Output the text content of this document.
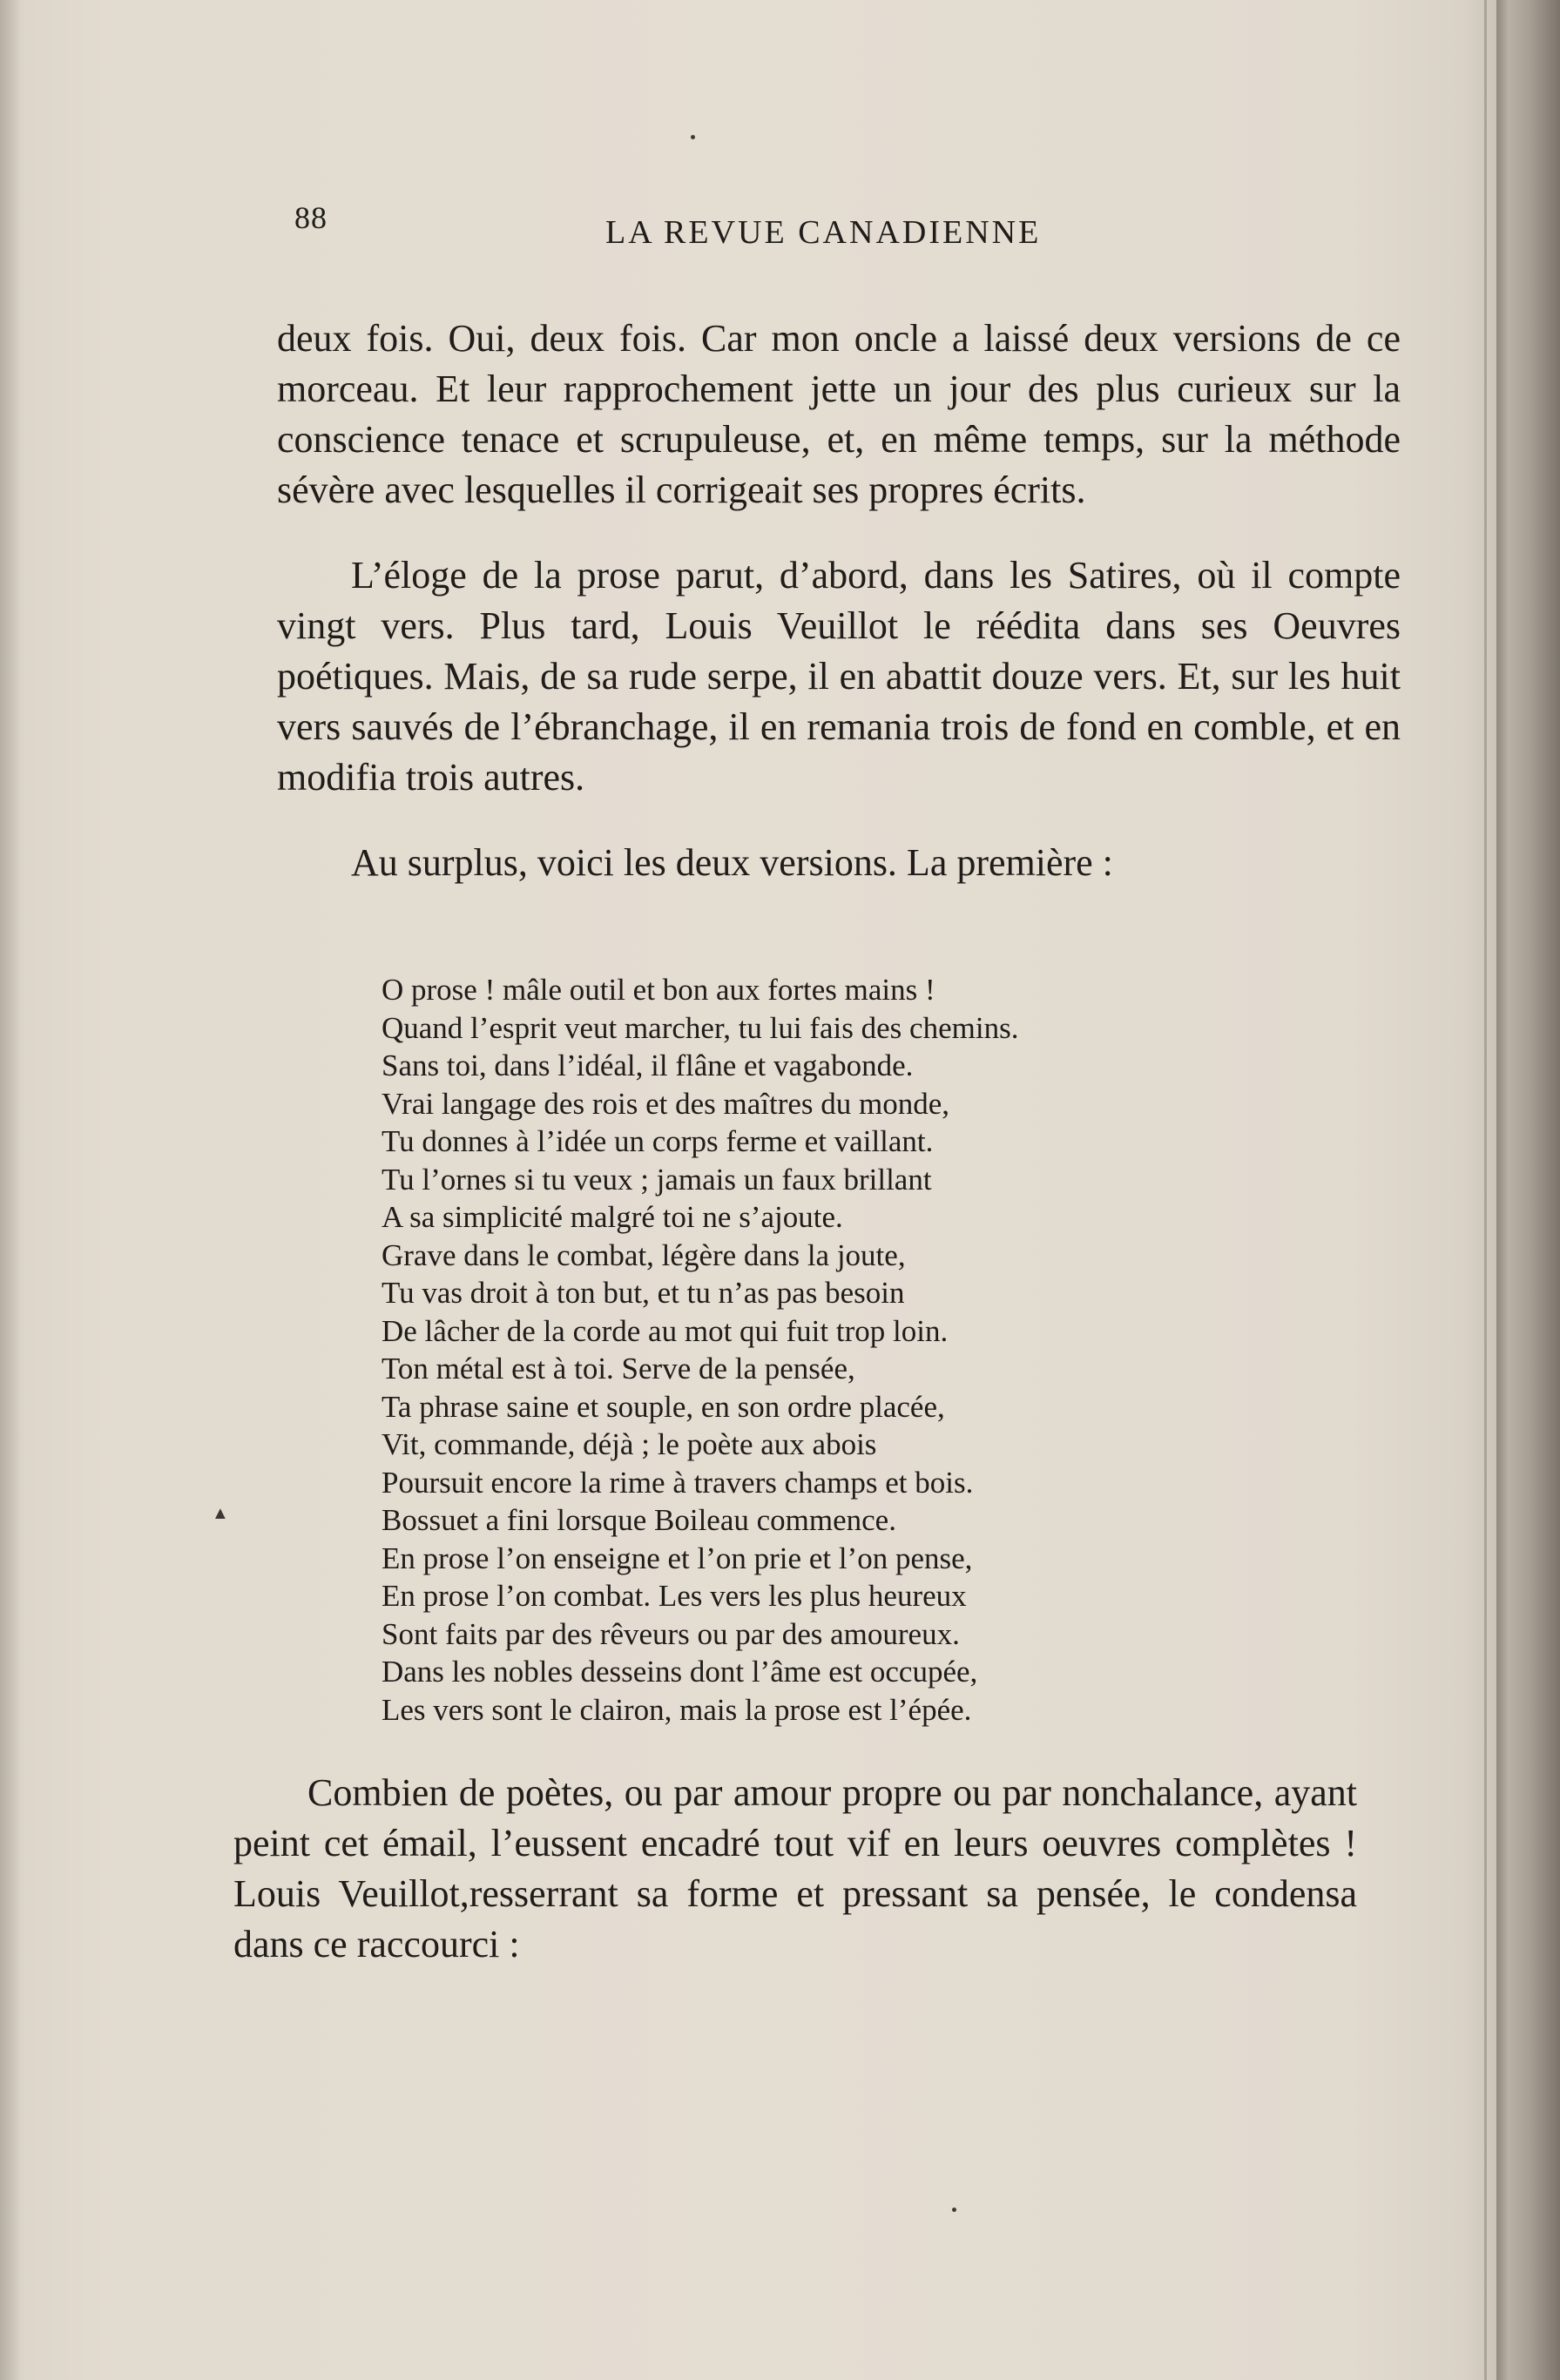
88	LA REVUE CANADIENNE

deux fois. Oui, deux fois. Car mon oncle a laissé deux versions de ce morceau. Et leur rapprochement jette un jour des plus curieux sur la conscience tenace et scrupuleuse, et, en même temps, sur la méthode sévère avec lesquelles il corrigeait ses propres écrits.

L’éloge de la prose parut, d’abord, dans les Satires, où il compte vingt vers. Plus tard, Louis Veuillot le réédita dans ses Oeuvres poétiques. Mais, de sa rude serpe, il en abattit douze vers. Et, sur les huit vers sauvés de l’ébranchage, il en remania trois de fond en comble, et en modifia trois autres.

Au surplus, voici les deux versions. La première :

O prose ! mâle outil et bon aux fortes mains !
Quand l’esprit veut marcher, tu lui fais des chemins.
Sans toi, dans l’idéal, il flâne et vagabonde.
Vrai langage des rois et des maîtres du monde,
Tu donnes à l’idée un corps ferme et vaillant.
Tu l’ornes si tu veux ; jamais un faux brillant
A sa simplicité malgré toi ne s’ajoute.
Grave dans le combat, légère dans la joute,
Tu vas droit à ton but, et tu n’as pas besoin
De lâcher de la corde au mot qui fuit trop loin.
Ton métal est à toi. Serve de la pensée,
Ta phrase saine et souple, en son ordre placée,
Vit, commande, déjà ; le poète aux abois
Poursuit encore la rime à travers champs et bois.
Bossuet a fini lorsque Boileau commence.
En prose l’on enseigne et l’on prie et l’on pense,
En prose l’on combat. Les vers les plus heureux
Sont faits par des rêveurs ou par des amoureux.
Dans les nobles desseins dont l’âme est occupée,
Les vers sont le clairon, mais la prose est l’épée.
▲

Combien de poètes, ou par amour propre ou par nonchalance, ayant peint cet émail, l’eussent encadré tout vif en leurs oeuvres complètes ! Louis Veuillot,resserrant sa forme et pressant sa pensée, le condensa dans ce raccourci :
